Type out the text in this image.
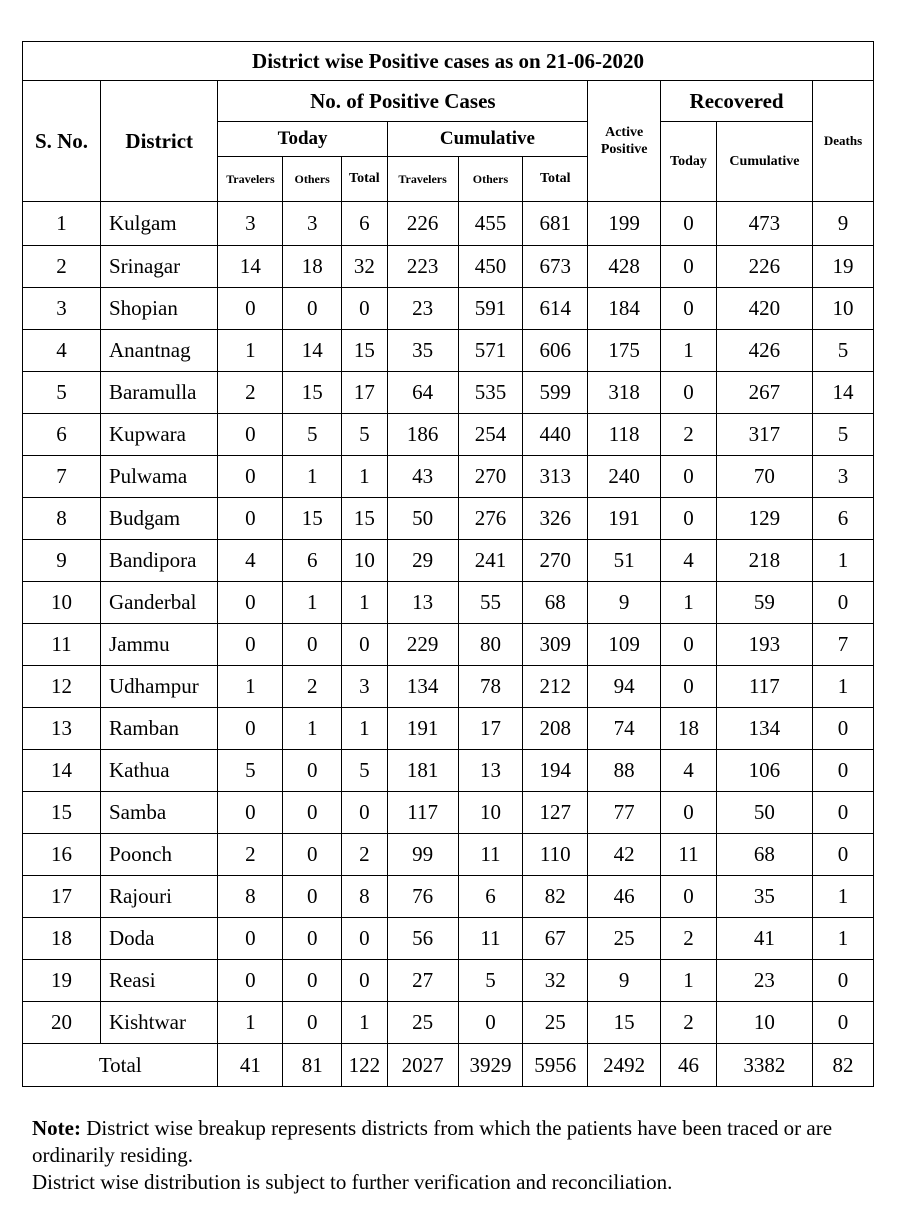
District wise Positive cases as on 21-06-2020											
S. No.	District	No. of Positive Cases						Active Positive	Recovered		Deaths
		Today			Cumulative				Today	Cumulative	
		Travelers	Others	Total	Travelers	Others	Total				
1	Kulgam	3	3	6	226	455	681	199	0	473	9
2	Srinagar	14	18	32	223	450	673	428	0	226	19
3	Shopian	0	0	0	23	591	614	184	0	420	10
4	Anantnag	1	14	15	35	571	606	175	1	426	5
5	Baramulla	2	15	17	64	535	599	318	0	267	14
6	Kupwara	0	5	5	186	254	440	118	2	317	5
7	Pulwama	0	1	1	43	270	313	240	0	70	3
8	Budgam	0	15	15	50	276	326	191	0	129	6
9	Bandipora	4	6	10	29	241	270	51	4	218	1
10	Ganderbal	0	1	1	13	55	68	9	1	59	0
11	Jammu	0	0	0	229	80	309	109	0	193	7
12	Udhampur	1	2	3	134	78	212	94	0	117	1
13	Ramban	0	1	1	191	17	208	74	18	134	0
14	Kathua	5	0	5	181	13	194	88	4	106	0
15	Samba	0	0	0	117	10	127	77	0	50	0
16	Poonch	2	0	2	99	11	110	42	11	68	0
17	Rajouri	8	0	8	76	6	82	46	0	35	1
18	Doda	0	0	0	56	11	67	25	2	41	1
19	Reasi	0	0	0	27	5	32	9	1	23	0
20	Kishtwar	1	0	1	25	0	25	15	2	10	0
Total		41	81	122	2027	3929	5956	2492	46	3382	82

Note: District wise breakup represents districts from which the patients have been traced or are ordinarily residing.

District wise distribution is subject to further verification and reconciliation.
